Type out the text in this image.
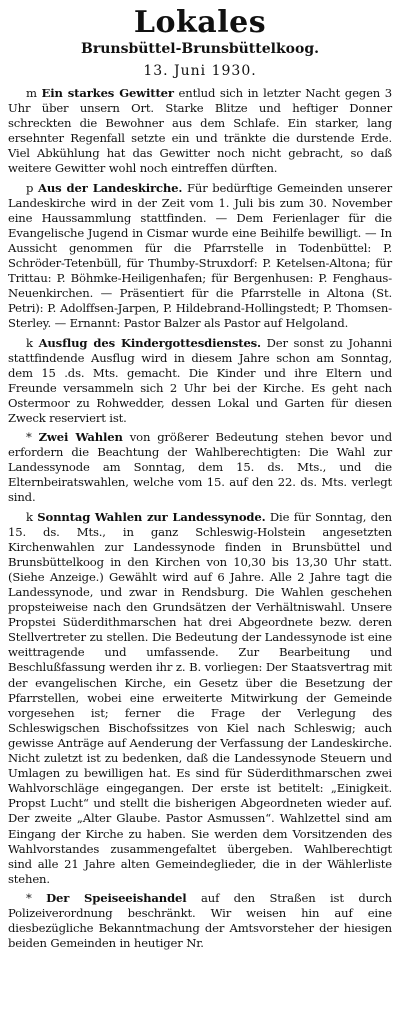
Lokales
Brunsbüttel-Brunsbüttelkoog.
13. Juni 1930.

m Ein starkes Gewitter entlud sich in letzter Nacht gegen 3 Uhr über unsern Ort. Starke Blitze und heftiger Donner schreckten die Bewohner aus dem Schlafe. Ein starker, lang ersehnter Regenfall setzte ein und tränkte die durstende Erde. Viel Abkühlung hat das Gewitter noch nicht gebracht, so daß weitere Gewitter wohl noch eintreffen dürften.

p Aus der Landeskirche. Für bedürftige Gemeinden unserer Landeskirche wird in der Zeit vom 1. Juli bis zum 30. November eine Haussammlung stattfinden. — Dem Ferienlager für die Evangelische Jugend in Cismar wurde eine Beihilfe bewilligt. — In Aussicht genommen für die Pfarrstelle in Todenbüttel: P. Schröder-Tetenbüll, für Thumby-Struxdorf: P. Ketelsen-Altona; für Trittau: P. Böhmke-Heiligenhafen; für Bergenhusen: P. Fenghaus-Neuenkirchen. — Präsentiert für die Pfarrstelle in Altona (St. Petri): P. Adolffsen-Jarpen, P. Hildebrand-Hollingstedt; P. Thomsen-Sterley. — Ernannt: Pastor Balzer als Pastor auf Helgoland.

k Ausflug des Kindergottesdienstes. Der sonst zu Johanni stattfindende Ausflug wird in diesem Jahre schon am Sonntag, dem 15 .ds. Mts. gemacht. Die Kinder und ihre Eltern und Freunde versammeln sich 2 Uhr bei der Kirche. Es geht nach Ostermoor zu Rohwedder, dessen Lokal und Garten für diesen Zweck reserviert ist.

* Zwei Wahlen von größerer Bedeutung stehen bevor und erfordern die Beachtung der Wahlberechtigten: Die Wahl zur Landessynode am Sonntag, dem 15. ds. Mts., und die Elternbeiratswahlen, welche vom 15. auf den 22. ds. Mts. verlegt sind.

k Sonntag Wahlen zur Landessynode. Die für Sonntag, den 15. ds. Mts., in ganz Schleswig-Holstein angesetzten Kirchenwahlen zur Landessynode finden in Brunsbüttel und Brunsbüttelkoog in den Kirchen von 10,30 bis 13,30 Uhr statt. (Siehe Anzeige.) Gewählt wird auf 6 Jahre. Alle 2 Jahre tagt die Landessynode, und zwar in Rendsburg. Die Wahlen geschehen propsteiweise nach den Grundsätzen der Verhältniswahl. Unsere Propstei Süderdithmarschen hat drei Abgeordnete bezw. deren Stellvertreter zu stellen. Die Bedeutung der Landessynode ist eine weittragende und umfassende. Zur Bearbeitung und Beschlußfassung werden ihr z. B. vorliegen: Der Staatsvertrag mit der evangelischen Kirche, ein Gesetz über die Besetzung der Pfarrstellen, wobei eine erweiterte Mitwirkung der Gemeinde vorgesehen ist; ferner die Frage der Verlegung des Schleswigschen Bischofssitzes von Kiel nach Schleswig; auch gewisse Anträge auf Aenderung der Verfassung der Landeskirche. Nicht zuletzt ist zu bedenken, daß die Landessynode Steuern und Umlagen zu bewilligen hat. Es sind für Süderdithmarschen zwei Wahlvorschläge eingegangen. Der erste ist betitelt: „Einigkeit. Propst Lucht“ und stellt die bisherigen Abgeordneten wieder auf. Der zweite „Alter Glaube. Pastor Asmussen“. Wahlzettel sind am Eingang der Kirche zu haben. Sie werden dem Vorsitzenden des Wahlvorstandes zusammengefaltet übergeben. Wahlberechtigt sind alle 21 Jahre alten Gemeindeglieder, die in der Wählerliste stehen.

* Der Speiseeishandel auf den Straßen ist durch Polizeiverordnung beschränkt. Wir weisen hin auf eine diesbezügliche Bekanntmachung der Amtsvorsteher der hiesigen beiden Gemeinden in heutiger Nr.
